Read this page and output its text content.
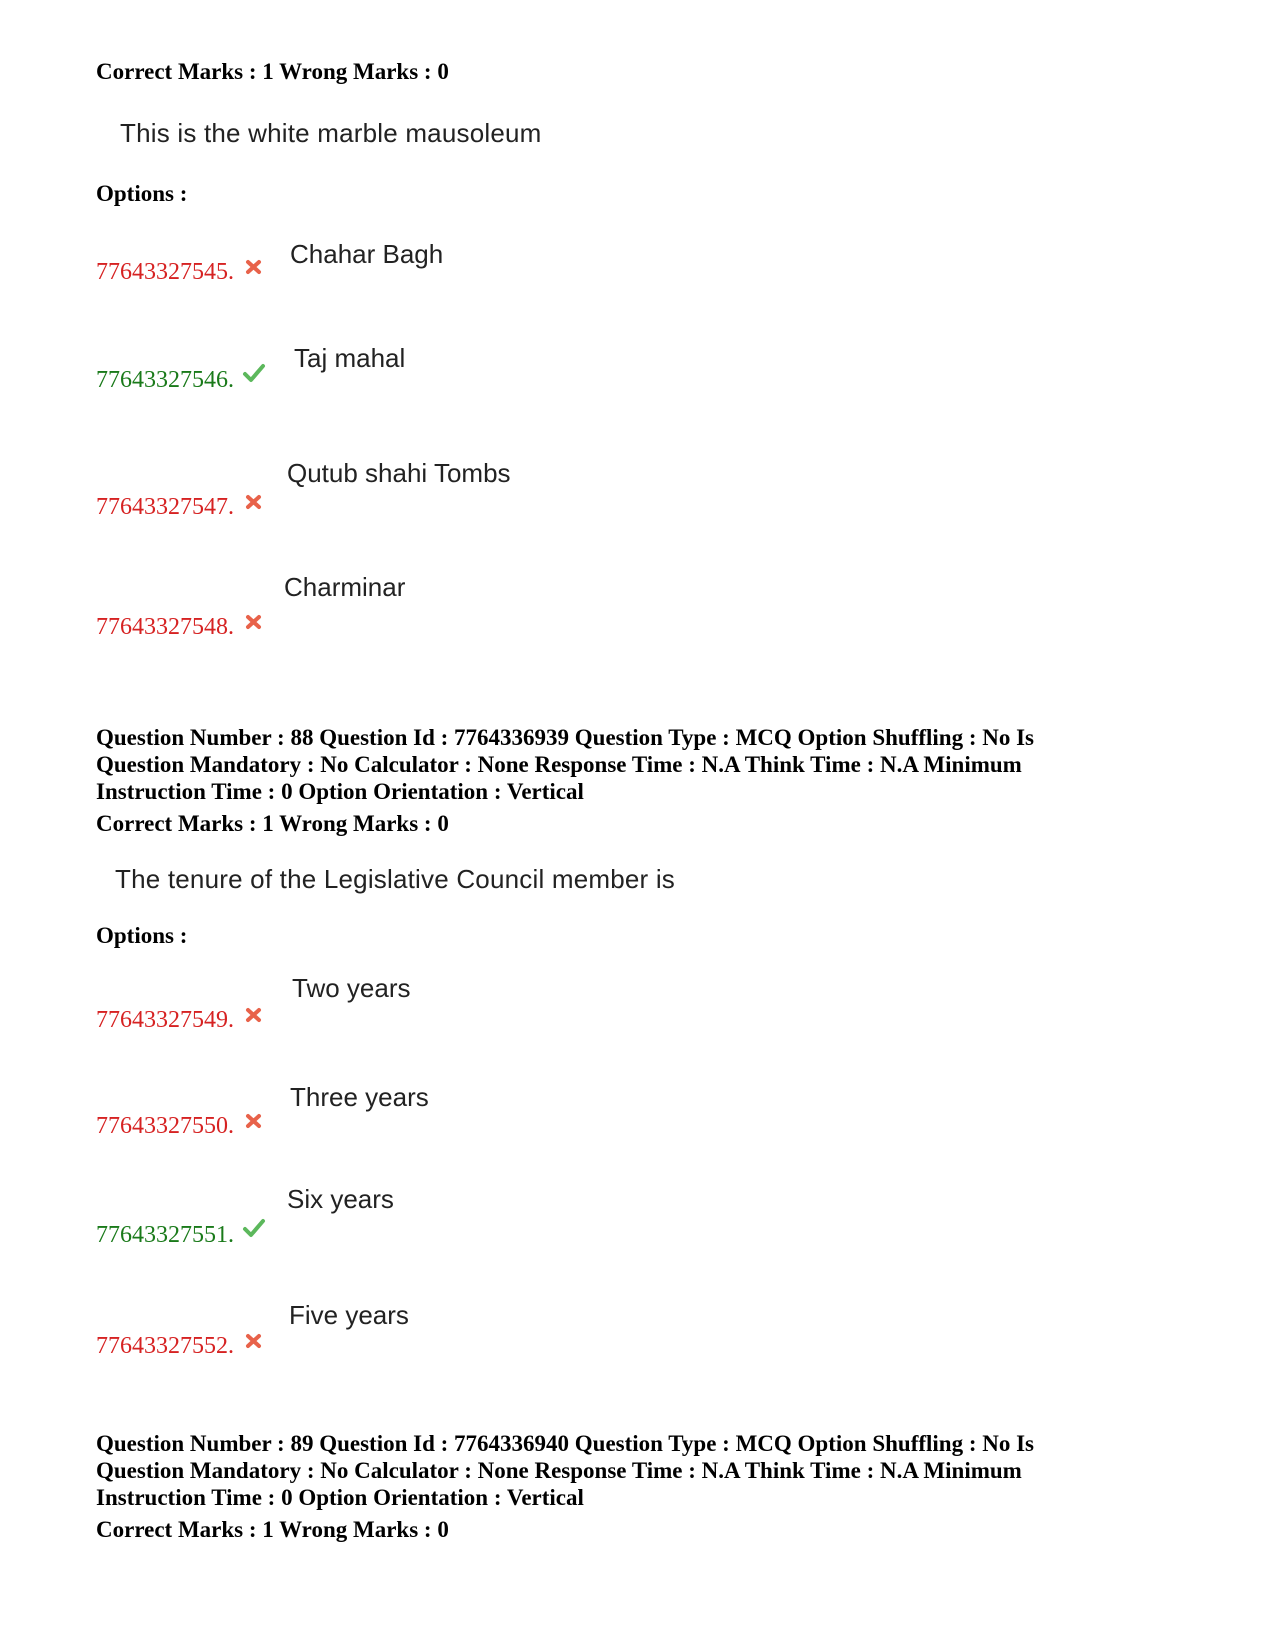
Correct Marks : 1 Wrong Marks : 0
This is the white marble mausoleum
Options :
77643327545.
Chahar Bagh
77643327546.
Taj mahal
77643327547.
Qutub shahi Tombs
77643327548.
Charminar
Question Number : 88 Question Id : 7764336939 Question Type : MCQ Option Shuffling : No Is
Question Mandatory : No Calculator : None Response Time : N.A Think Time : N.A Minimum
Instruction Time : 0 Option Orientation : Vertical
Correct Marks : 1 Wrong Marks : 0
The tenure of the Legislative Council member is
Options :
77643327549.
Two years
77643327550.
Three years
77643327551.
Six years
77643327552.
Five years
Question Number : 89 Question Id : 7764336940 Question Type : MCQ Option Shuffling : No Is
Question Mandatory : No Calculator : None Response Time : N.A Think Time : N.A Minimum
Instruction Time : 0 Option Orientation : Vertical
Correct Marks : 1 Wrong Marks : 0
